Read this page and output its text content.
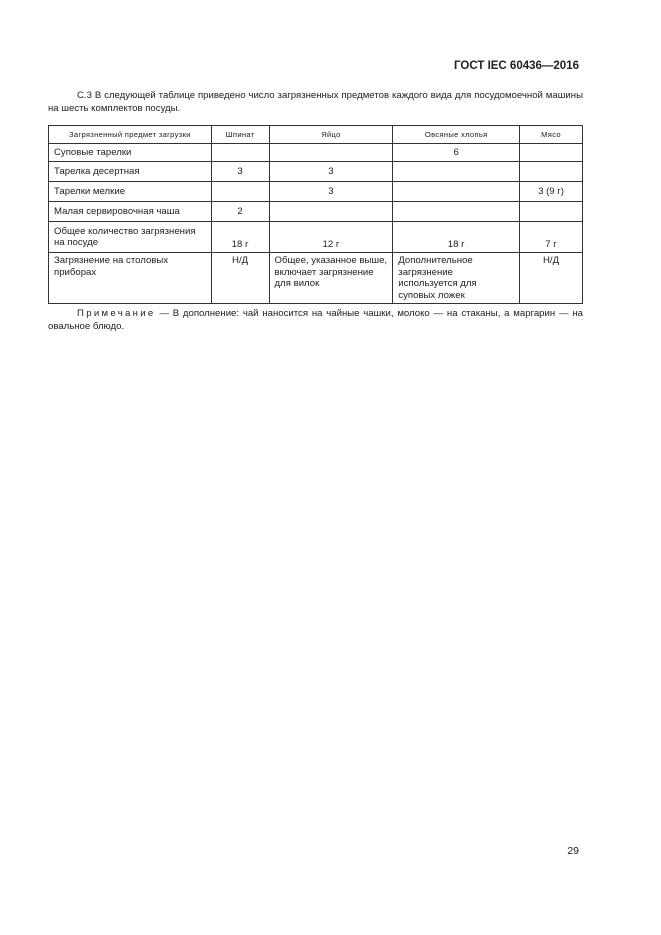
ГОСТ IEC 60436—2016

С.3 В следующей таблице приведено число загрязненных предметов каждого вида для посудомоечной машины на шесть комплектов посуды.

Загрязненный предмет загрузки	Шпинат	Яйцо	Овсяные хлопья	Мясо
Суповые тарелки			6	
Тарелка десертная	3	3		
Тарелки мелкие		3		3 (9 г)
Малая сервировочная чаша	2			
Общее количество загрязнения на посуде	18 г	12 г	18 г	7 г
Загрязнение на столовых приборах	Н/Д	Общее, указанное выше, включает загрязнение для вилок	Дополнительное загрязнение используется для суповых ложек	Н/Д

Примечание — В дополнение: чай наносится на чайные чашки, молоко — на стаканы, а маргарин — на овальное блюдо.

29
